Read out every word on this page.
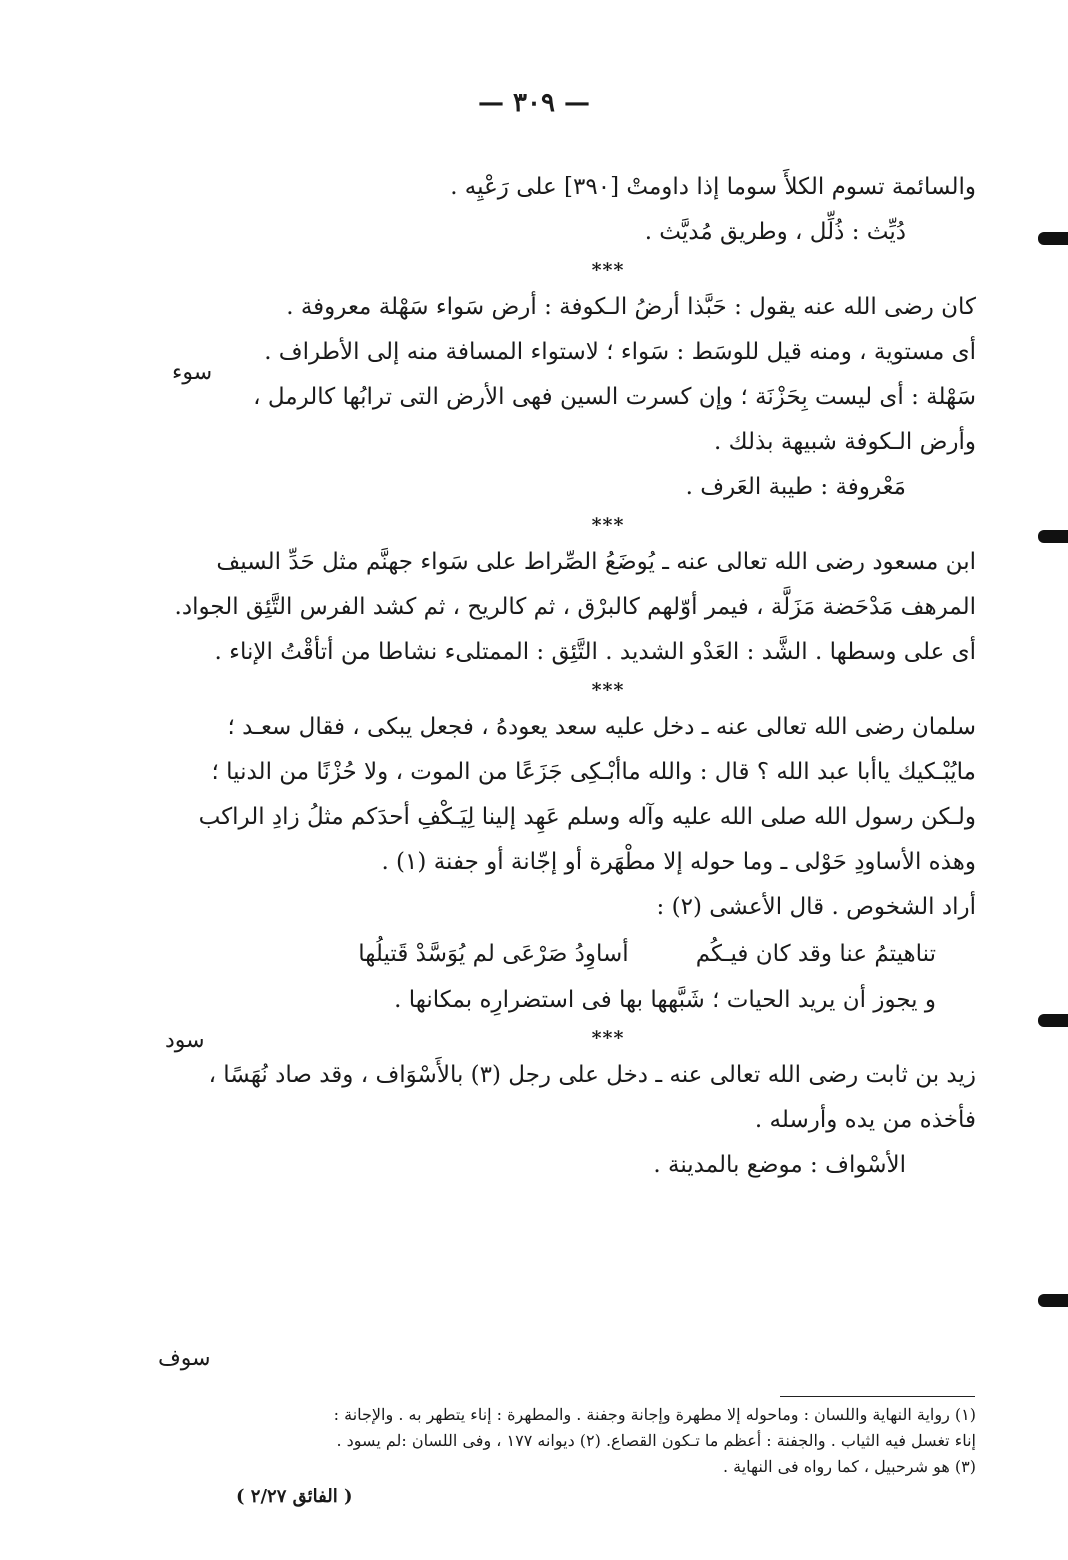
— ٣٠٩ —
سوء
سود
سوف
والسائمة تسوم الكلأَ سوما إذا داومتْ [٣٩٠] على رَعْيِه .
دُيِّث : ذُلِّل ، وطريق مُديَّث .
***
كان رضى الله عنه يقول : حَبَّذا أرضُ الـكوفة : أرض سَواء سَهْلة معروفة .
أى مستوية ، ومنه قيل للوسَط : سَواء ؛ لاستواء المسافة منه إلى الأطراف .
سَهْلة : أى ليست بِحَزْنَة ؛ وإن كسرت السين فهى الأرض التى ترابُها كالرمل ،
وأرض الـكوفة شبيهة بذلك .
مَعْروفة : طيبة العَرف .
***
ابن مسعود رضى الله تعالى عنه ـ يُوضَعُ الصِّراط على سَواء جهنَّم مثل حَدِّ السيف
المرهف مَدْحَضة مَزَلَّة ، فيمر أوّلهم كالبرْق ، ثم كالريح ، ثم كشد الفرس التَّئِق الجواد.
أى على وسطها . الشَّد : العَدْو الشديد . التَّئِق : الممتلىء نشاطا من أتأقْتُ الإناء .
***
سلمان رضى الله تعالى عنه ـ دخل عليه سعد يعودهُ ، فجعل يبكى ، فقال سعـد ؛
مايُبْـكيك ياأبا عبد الله ؟ قال : والله ماأبْـكِى جَزَعًا من الموت ، ولا حُزْنًا من الدنيا ؛
ولـكن رسول الله صلى الله عليه وآله وسلم عَهِد إلينا لِيَـكْفِ أحدَكم مثلُ زادِ الراكب
وهذه الأساودِ حَوْلى ـ وما حوله إلا مطْهَرة أو إجّانة أو جفنة (١) .
أراد الشخوص . قال الأعشى (٢) :
تناهيتمُ عنا وقد كان فيـكُم أساوِدُ صَرْعَى لم يُوَسَّدْ قَتيلُها
و يجوز أن يريد الحيات ؛ شَبَّهها بها فى استضرارِه بمكانها .
***
زيد بن ثابت رضى الله تعالى عنه ـ دخل على رجل (٣) بالأَسْوَاف ، وقد صاد نُهَسًا ،
فأخذه من يده وأرسله .
الأسْواف : موضع بالمدينة .
(١) رواية النهاية واللسان : وماحوله إلا مطهرة وإجانة وجفنة . والمطهرة : إناء يتطهر به . والإجانة :
إناء تغسل فيه الثياب . والجفنة : أعظم ما تـكون القصاع. (٢) ديوانه ١٧٧ ، وفى اللسان :لم يسود .
(٣) هو شرحبيل ، كما رواه فى النهاية .
( الفائق ٢/٢٧ )
